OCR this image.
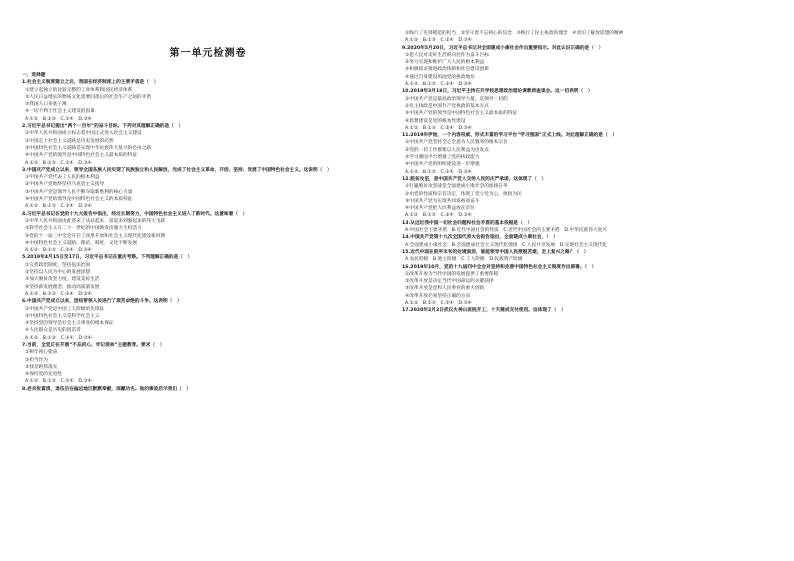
第一单元检测卷
一、选择题
1.社会主义制度建立之后，我国在经济制度上的主要矛盾是（　）
①建立起独立的比较完整的工业体系和国民经济体系
②人民日益增长的物质文化需要同落后的社会生产之间的矛盾
③我国人口多底子薄
④一切不利于社会主义建设的因素
A.①②　B.②③　C.①④　D.③④
2.习近平总书记提出“两个一百年”的奋斗目标。下列对其理解正确的是（　）
①中华人民共和国成立标志着中国正式进入社会主义建设
②中国走上社会主义道路是历史发展的必然
③中国特色社会主义道路是实现中华民族伟大复兴的必由之路
④中国共产党的领导是中国特色社会主义最本质的特征
A.①②　B.②③　C.①④　D.③④
3.中国共产党成立以来，领导全国各族人民实现了民族独立和人民解放，完成了社会主义革命，开创、坚持、发展了中国特色社会主义。这说明（　）
①中国共产党代表了人民的根本利益
②中国共产党始终坚持马克思主义指导
③中国共产党是领导人民不断夺取新胜利的核心力量
④中国共产党的领导是中国特色社会主义的本质特征
A.①②　B.①③　C.②④　D.③④
4.习近平总书记在党的十九大报告中指出，经过长期努力，中国特色社会主义进入了新时代。这意味着（　）
①中华人民共和国由此迎来了从站起来、富起来到强起来的伟大飞跃
②科学社会主义在二十一世纪的中国焕发出强大生机活力
③党的十一届三中全会开启了改革开放和社会主义现代化建设新时期
④中国特色社会主义道路、理论、制度、文化不断发展
A.①②　B.①③　C.②④　D.③④
5.2019年4月15日至17日，习近平总书记在重庆考察。下列理解正确的是（　）
①完善政治制度，坚持依法治国
②坚持以人民为中心的发展思想
③加大脱贫攻坚力度，建设美好生活
④坚持新发展理念，推动高质量发展
A.①②　B.②③　C.②④　D.③④
6.中国共产党成立以来，团结带领人民进行了艰苦卓绝的斗争。这表明（　）
①中国共产党是中国工人阶级的先锋队
②中国特色社会主义是科学社会主义
③坚持党的领导是社会主义事业的根本保证
④人民群众是历史的创造者
A.①②　B.①③　C.②④　D.③④
7.当前，全党正在开展“不忘初心、牢记使命”主题教育。要求（　）
①树牢初心使命
②担当作为
③找差距抓落实
④保持党的先进性
A.①②　B.①③　C.②④　D.③④
8.老兵张富清，退伍后在偏远地区默默奉献，深藏功名。他的事迹启示我们（　）
①践行了先锋模范的担当　②坚守着不忘初心的信念　③践行了民主执政的理念　④淡泊了解放思想的精神
A.①②　B.①③　C.②④　D.③④
9.2020年5月20日，习近平总书记对全面建成小康社会作出重要指示。对此认识正确的是（　）
①把人民对美好生活的向往作为奋斗目标
②努力实现和维护广大人民的根本利益
③积极稳妥推进政治体制和社会建设创新
④通过自身建设巩固党的执政地位
A.①②　B.①③　C.②④　D.③④
10.2019年3月18日，习近平主持召开学校思想政治理论课教师座谈会。这一切表明（　）
①中国共产党是最高政治领导力量，是领导一切的
②民主执政是中国共产党执政的基本方式
③中国共产党的领导是中国特色社会主义最本质的特征
④思想建设是党的根本性建设
A.①②　B.①③　C.②④　D.③④
11.2019年伊始，一个内容权威、形式丰富的学习平台“学习强国”正式上线。对此理解正确的是（　）
①中国共产党坚持全心全意为人民服务的根本宗旨
②党的一切工作都要以人民利益为出发点
③学习强国平台增强了党的执政能力
④中国共产党的组织建设进一步增强
A.①②　B.①③　C.②④　D.③④
12.脱贫攻坚，是中国共产党人交给人民的庄严承诺。这体现了（　）
①打赢脱贫攻坚战是全面建成小康社会的底线任务
②由党的性质和宗旨决定，体现了党立党为公，执政为民
③中国共产党为实现共同富裕而奋斗
④中国共产党把人民利益放在首位
A.①②　B.①③　C.②④　D.③④
13.从远近我中国一切社会问题和社会矛盾的基本依据是（　）
A.中国社会主要矛盾　B.近代中国社会的性质　C.近代中国社会的主要矛盾　D.中华民族伟大复兴
14.中国共产党第十九次全国代表大会报告指出，全面建成小康社会，（　）
A.全面建成小康社会　B.全面建成社会主义现代化强国　C.人民共享发展　D.实现社会主义现代化
15.近代中国在前所未有的处境面前，谁能领导中国人民摆脱苦难，走上复兴之路？（　）
A.农民阶级　B.地主阶级　C.工人阶级　D.民族资产阶级
16.2019年10月，党的十九届四中全会对坚持和完善中国特色社会主义制度作出部署。（　）
①改革开放为当代中国的发展提供了重要保障
②改革开放是决定当代中国命运的关键抉择
③改革开放是党和人民事业的重大创新
④改革开放必须坚持正确的方向
A.①②　B.①③　C.②④　D.③④
17.2020年2月2日武汉火神山医院开工，十天建成交付使用。这体现了（　）
